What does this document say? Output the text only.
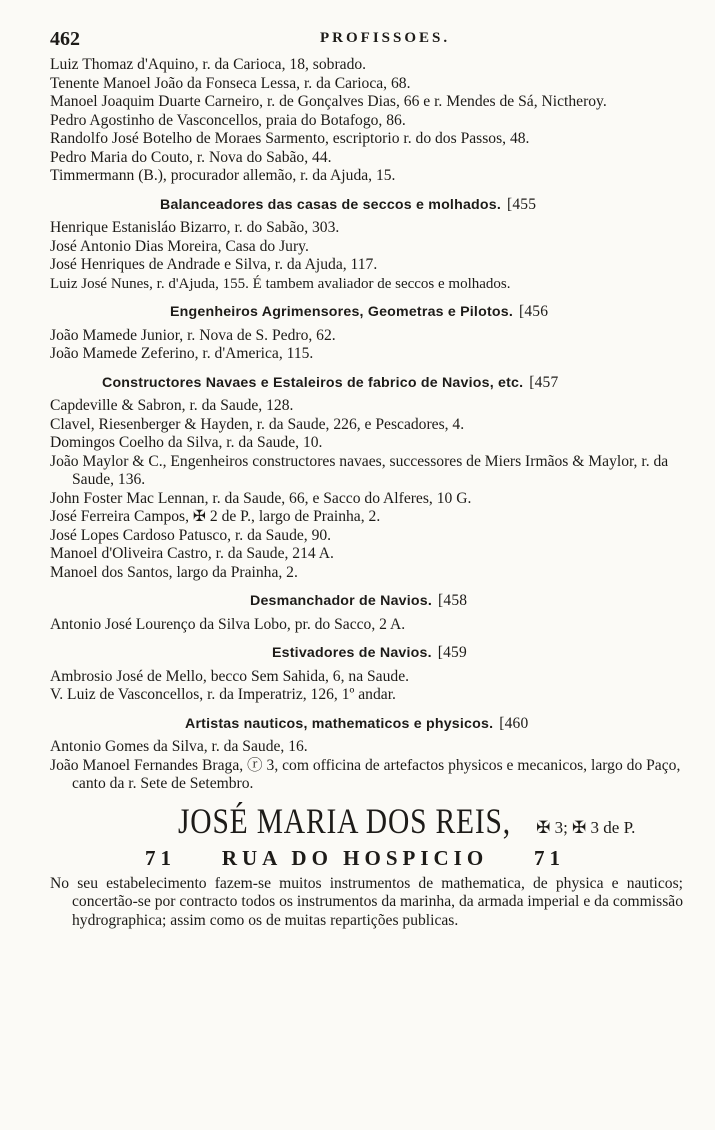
462	PROFISSOES.
Luiz Thomaz d'Aquino, r. da Carioca, 18, sobrado.
Tenente Manoel João da Fonseca Lessa, r. da Carioca, 68.
Manoel Joaquim Duarte Carneiro, r. de Gonçalves Dias, 66 e r. Mendes de Sá, Nictheroy.
Pedro Agostinho de Vasconcellos, praia do Botafogo, 86.
Randolfo José Botelho de Moraes Sarmento, escriptorio r. do dos Passos, 48.
Pedro Maria do Couto, r. Nova do Sabão, 44.
Timmermann (B.), procurador allemão, r. da Ajuda, 15.
Balanceadores das casas de seccos e molhados. [455
Henrique Estanisláo Bizarro, r. do Sabão, 303.
José Antonio Dias Moreira, Casa do Jury.
José Henriques de Andrade e Silva, r. da Ajuda, 117.
Luiz José Nunes, r. d'Ajuda, 155. É tambem avaliador de seccos e molhados.
Engenheiros Agrimensores, Geometras e Pilotos. [456
João Mamede Junior, r. Nova de S. Pedro, 62.
João Mamede Zeferino, r. d'America, 115.
Constructores Navaes e Estaleiros de fabrico de Navios, etc. [457
Capdeville & Sabron, r. da Saude, 128.
Clavel, Riesenberger & Hayden, r. da Saude, 226, e Pescadores, 4.
Domingos Coelho da Silva, r. da Saude, 10.
João Maylor & C., Engenheiros constructores navaes, successores de Miers Irmãos & Maylor, r. da Saude, 136.
John Foster Mac Lennan, r. da Saude, 66, e Sacco do Alferes, 10 G.
José Ferreira Campos, ✠ 2 de P., largo de Prainha, 2.
José Lopes Cardoso Patusco, r. da Saude, 90.
Manoel d'Oliveira Castro, r. da Saude, 214 A.
Manoel dos Santos, largo da Prainha, 2.
Desmanchador de Navios. [458
Antonio José Lourenço da Silva Lobo, pr. do Sacco, 2 A.
Estivadores de Navios. [459
Ambrosio José de Mello, becco Sem Sahida, 6, na Saude.
V. Luiz de Vasconcellos, r. da Imperatriz, 126, 1º andar.
Artistas nauticos, mathematicos e physicos. [460
Antonio Gomes da Silva, r. da Saude, 16.
João Manoel Fernandes Braga, ⓡ 3, com officina de artefactos physicos e mecanicos, largo do Paço, canto da r. Sete de Setembro.
JOSÉ MARIA DOS REIS, ✠ 3; ✠ 3 de P.
71 RUA DO HOSPICIO 71
No seu estabelecimento fazem-se muitos instrumentos de mathematica, de physica e nauticos; concertão-se por contracto todos os instrumentos da marinha, da armada imperial e da commissão hydrographica; assim como os de muitas repartições publicas.
